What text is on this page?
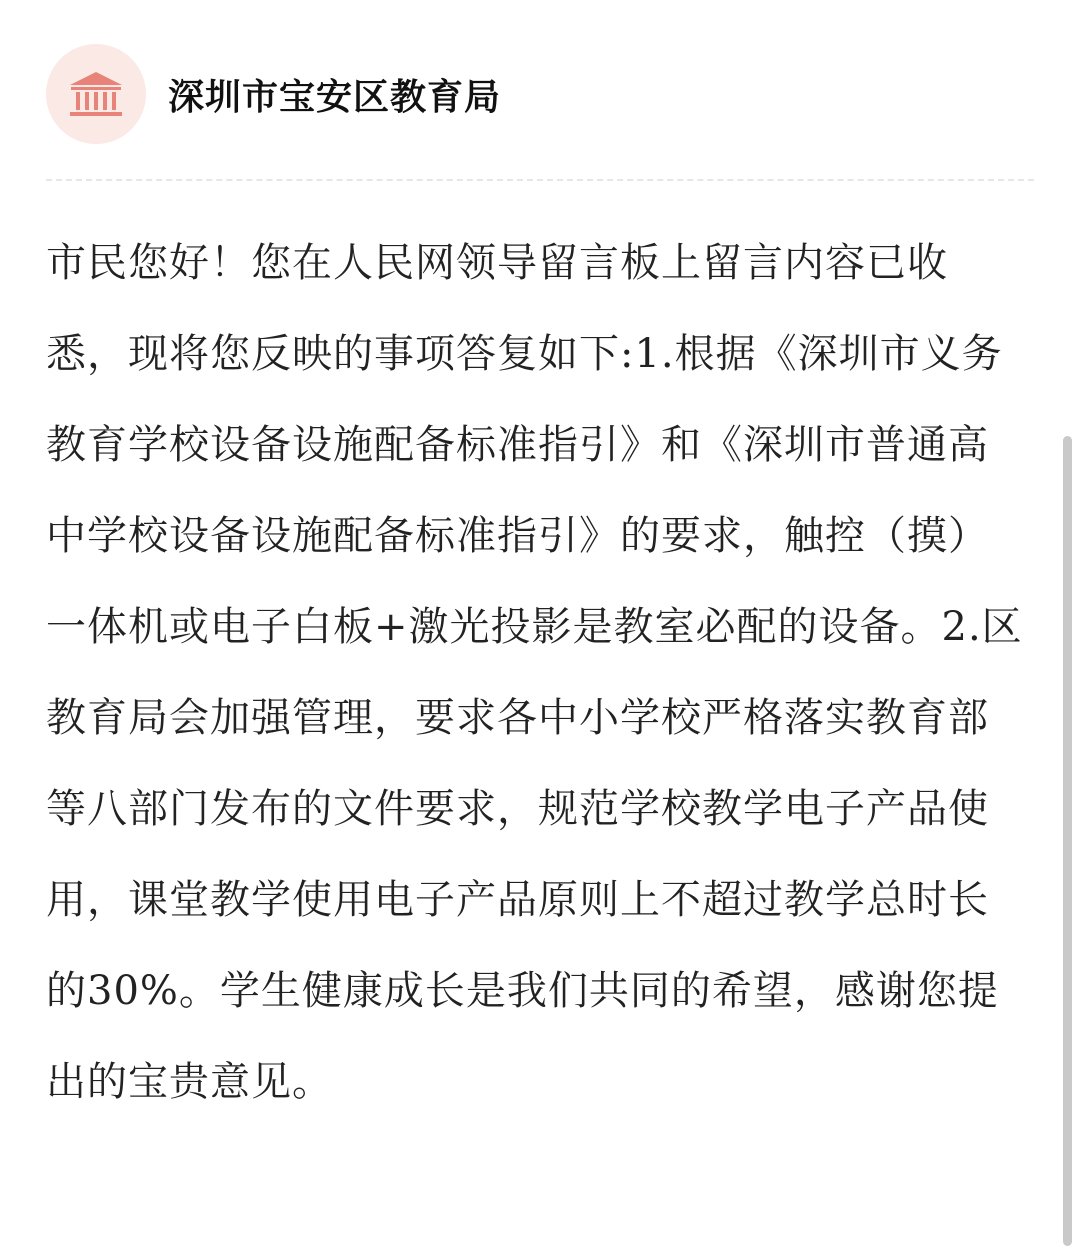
深圳市宝安区教育局

市民您好！您在人民网领导留言板上留言内容已收悉，现将您反映的事项答复如下:1.根据《深圳市义务教育学校设备设施配备标准指引》和《深圳市普通高中学校设备设施配备标准指引》的要求，触控（摸）一体机或电子白板+激光投影是教室必配的设备。2.区教育局会加强管理，要求各中小学校严格落实教育部等八部门发布的文件要求，规范学校教学电子产品使用，课堂教学使用电子产品原则上不超过教学总时长的30%。学生健康成长是我们共同的希望，感谢您提出的宝贵意见。
